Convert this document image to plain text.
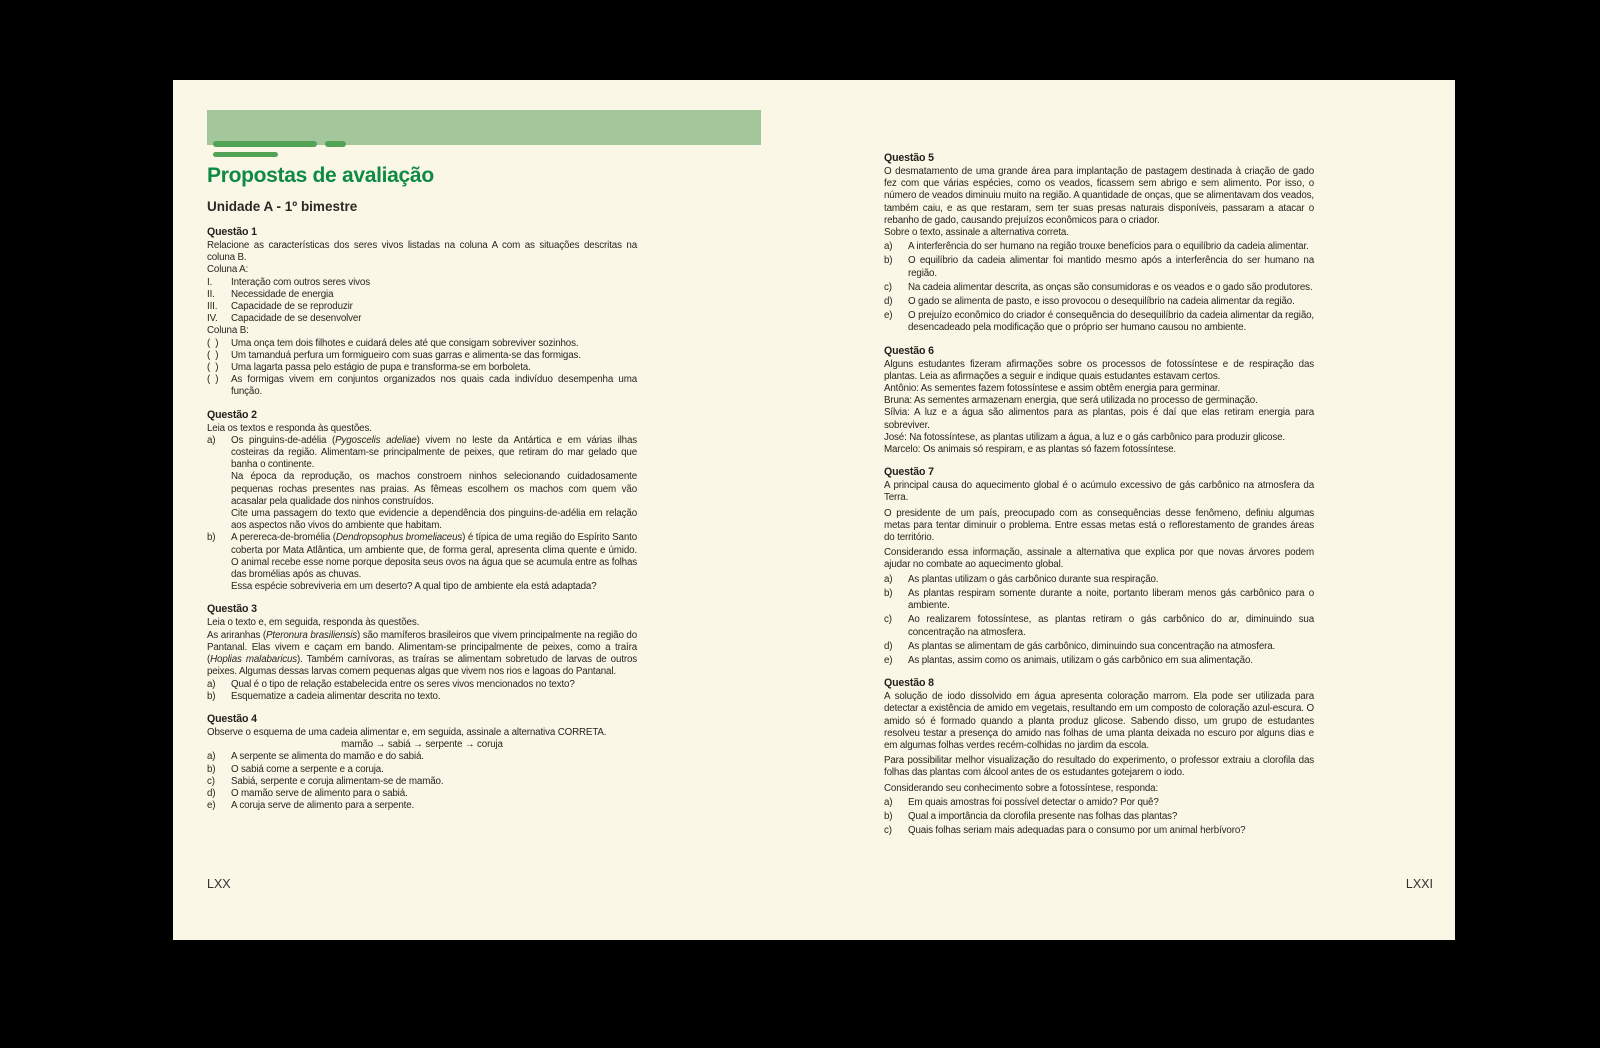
Propostas de avaliação
Unidade A - 1º bimestre
Questão 1
Relacione as características dos seres vivos listadas na coluna A com as situações descritas na coluna B.
Coluna A:
I.	Interação com outros seres vivos
II.	Necessidade de energia
III.	Capacidade de se reproduzir
IV.	Capacidade de se desenvolver
Coluna B:
(  )	Uma onça tem dois filhotes e cuidará deles até que consigam sobreviver sozinhos.
(  )	Um tamanduá perfura um formigueiro com suas garras e alimenta-se das formigas.
(  )	Uma lagarta passa pelo estágio de pupa e transforma-se em borboleta.
(  )	As formigas vivem em conjuntos organizados nos quais cada indivíduo desempenha uma função.
Questão 2
Leia os textos e responda às questões.
a)	Os pinguins-de-adélia (Pygoscelis adeliae) vivem no leste da Antártica e em várias ilhas costeiras da região. Alimentam-se principalmente de peixes, que retiram do mar gelado que banha o continente.
Na época da reprodução, os machos constroem ninhos selecionando cuidadosamente pequenas rochas presentes nas praias. As fêmeas escolhem os machos com quem vão acasalar pela qualidade dos ninhos construídos.
Cite uma passagem do texto que evidencie a dependência dos pinguins-de-adélia em relação aos aspectos não vivos do ambiente que habitam.
b)	A perereca-de-bromélia (Dendropsophus bromeliaceus) é típica de uma região do Espírito Santo coberta por Mata Atlântica, um ambiente que, de forma geral, apresenta clima quente e úmido. O animal recebe esse nome porque deposita seus ovos na água que se acumula entre as folhas das bromélias após as chuvas.
Essa espécie sobreviveria em um deserto? A qual tipo de ambiente ela está adaptada?
Questão 3
Leia o texto e, em seguida, responda às questões.
As ariranhas (Pteronura brasiliensis) são mamíferos brasileiros que vivem principalmente na região do Pantanal. Elas vivem e caçam em bando. Alimentam-se principalmente de peixes, como a traíra (Hoplias malabaricus). Também carnívoras, as traíras se alimentam sobretudo de larvas de outros peixes. Algumas dessas larvas comem pequenas algas que vivem nos rios e lagoas do Pantanal.
a)	Qual é o tipo de relação estabelecida entre os seres vivos mencionados no texto?
b)	Esquematize a cadeia alimentar descrita no texto.
Questão 4
Observe o esquema de uma cadeia alimentar e, em seguida, assinale a alternativa CORRETA.
mamão → sabiá → serpente → coruja
a)	A serpente se alimenta do mamão e do sabiá.
b)	O sabiá come a serpente e a coruja.
c)	Sabiá, serpente e coruja alimentam-se de mamão.
d)	O mamão serve de alimento para o sabiá.
e)	A coruja serve de alimento para a serpente.
Questão 5
O desmatamento de uma grande área para implantação de pastagem destinada à criação de gado fez com que várias espécies, como os veados, ficassem sem abrigo e sem alimento. Por isso, o número de veados diminuiu muito na região. A quantidade de onças, que se alimentavam dos veados, também caiu, e as que restaram, sem ter suas presas naturais disponíveis, passaram a atacar o rebanho de gado, causando prejuízos econômicos para o criador.
Sobre o texto, assinale a alternativa correta.
a)	A interferência do ser humano na região trouxe benefícios para o equilíbrio da cadeia alimentar.
b)	O equilíbrio da cadeia alimentar foi mantido mesmo após a interferência do ser humano na região.
c)	Na cadeia alimentar descrita, as onças são consumidoras e os veados e o gado são produtores.
d)	O gado se alimenta de pasto, e isso provocou o desequilíbrio na cadeia alimentar da região.
e)	O prejuízo econômico do criador é consequência do desequilíbrio da cadeia alimentar da região, desencadeado pela modificação que o próprio ser humano causou no ambiente.
Questão 6
Alguns estudantes fizeram afirmações sobre os processos de fotossíntese e de respiração das plantas. Leia as afirmações a seguir e indique quais estudantes estavam certos.
Antônio: As sementes fazem fotossíntese e assim obtêm energia para germinar.
Bruna: As sementes armazenam energia, que será utilizada no processo de germinação.
Sílvia: A luz e a água são alimentos para as plantas, pois é daí que elas retiram energia para sobreviver.
José: Na fotossíntese, as plantas utilizam a água, a luz e o gás carbônico para produzir glicose.
Marcelo: Os animais só respiram, e as plantas só fazem fotossíntese.
Questão 7
A principal causa do aquecimento global é o acúmulo excessivo de gás carbônico na atmosfera da Terra.
O presidente de um país, preocupado com as consequências desse fenômeno, definiu algumas metas para tentar diminuir o problema. Entre essas metas está o reflorestamento de grandes áreas do território.
Considerando essa informação, assinale a alternativa que explica por que novas árvores podem ajudar no combate ao aquecimento global.
a)	As plantas utilizam o gás carbônico durante sua respiração.
b)	As plantas respiram somente durante a noite, portanto liberam menos gás carbônico para o ambiente.
c)	Ao realizarem fotossíntese, as plantas retiram o gás carbônico do ar, diminuindo sua concentração na atmosfera.
d)	As plantas se alimentam de gás carbônico, diminuindo sua concentração na atmosfera.
e)	As plantas, assim como os animais, utilizam o gás carbônico em sua alimentação.
Questão 8
A solução de iodo dissolvido em água apresenta coloração marrom. Ela pode ser utilizada para detectar a existência de amido em vegetais, resultando em um composto de coloração azul-escura. O amido só é formado quando a planta produz glicose. Sabendo disso, um grupo de estudantes resolveu testar a presença do amido nas folhas de uma planta deixada no escuro por alguns dias e em algumas folhas verdes recém-colhidas no jardim da escola.
Para possibilitar melhor visualização do resultado do experimento, o professor extraiu a clorofila das folhas das plantas com álcool antes de os estudantes gotejarem o iodo.
Considerando seu conhecimento sobre a fotossíntese, responda:
a)	Em quais amostras foi possível detectar o amido? Por quê?
b)	Qual a importância da clorofila presente nas folhas das plantas?
c)	Quais folhas seriam mais adequadas para o consumo por um animal herbívoro?
LXX	LXXI
